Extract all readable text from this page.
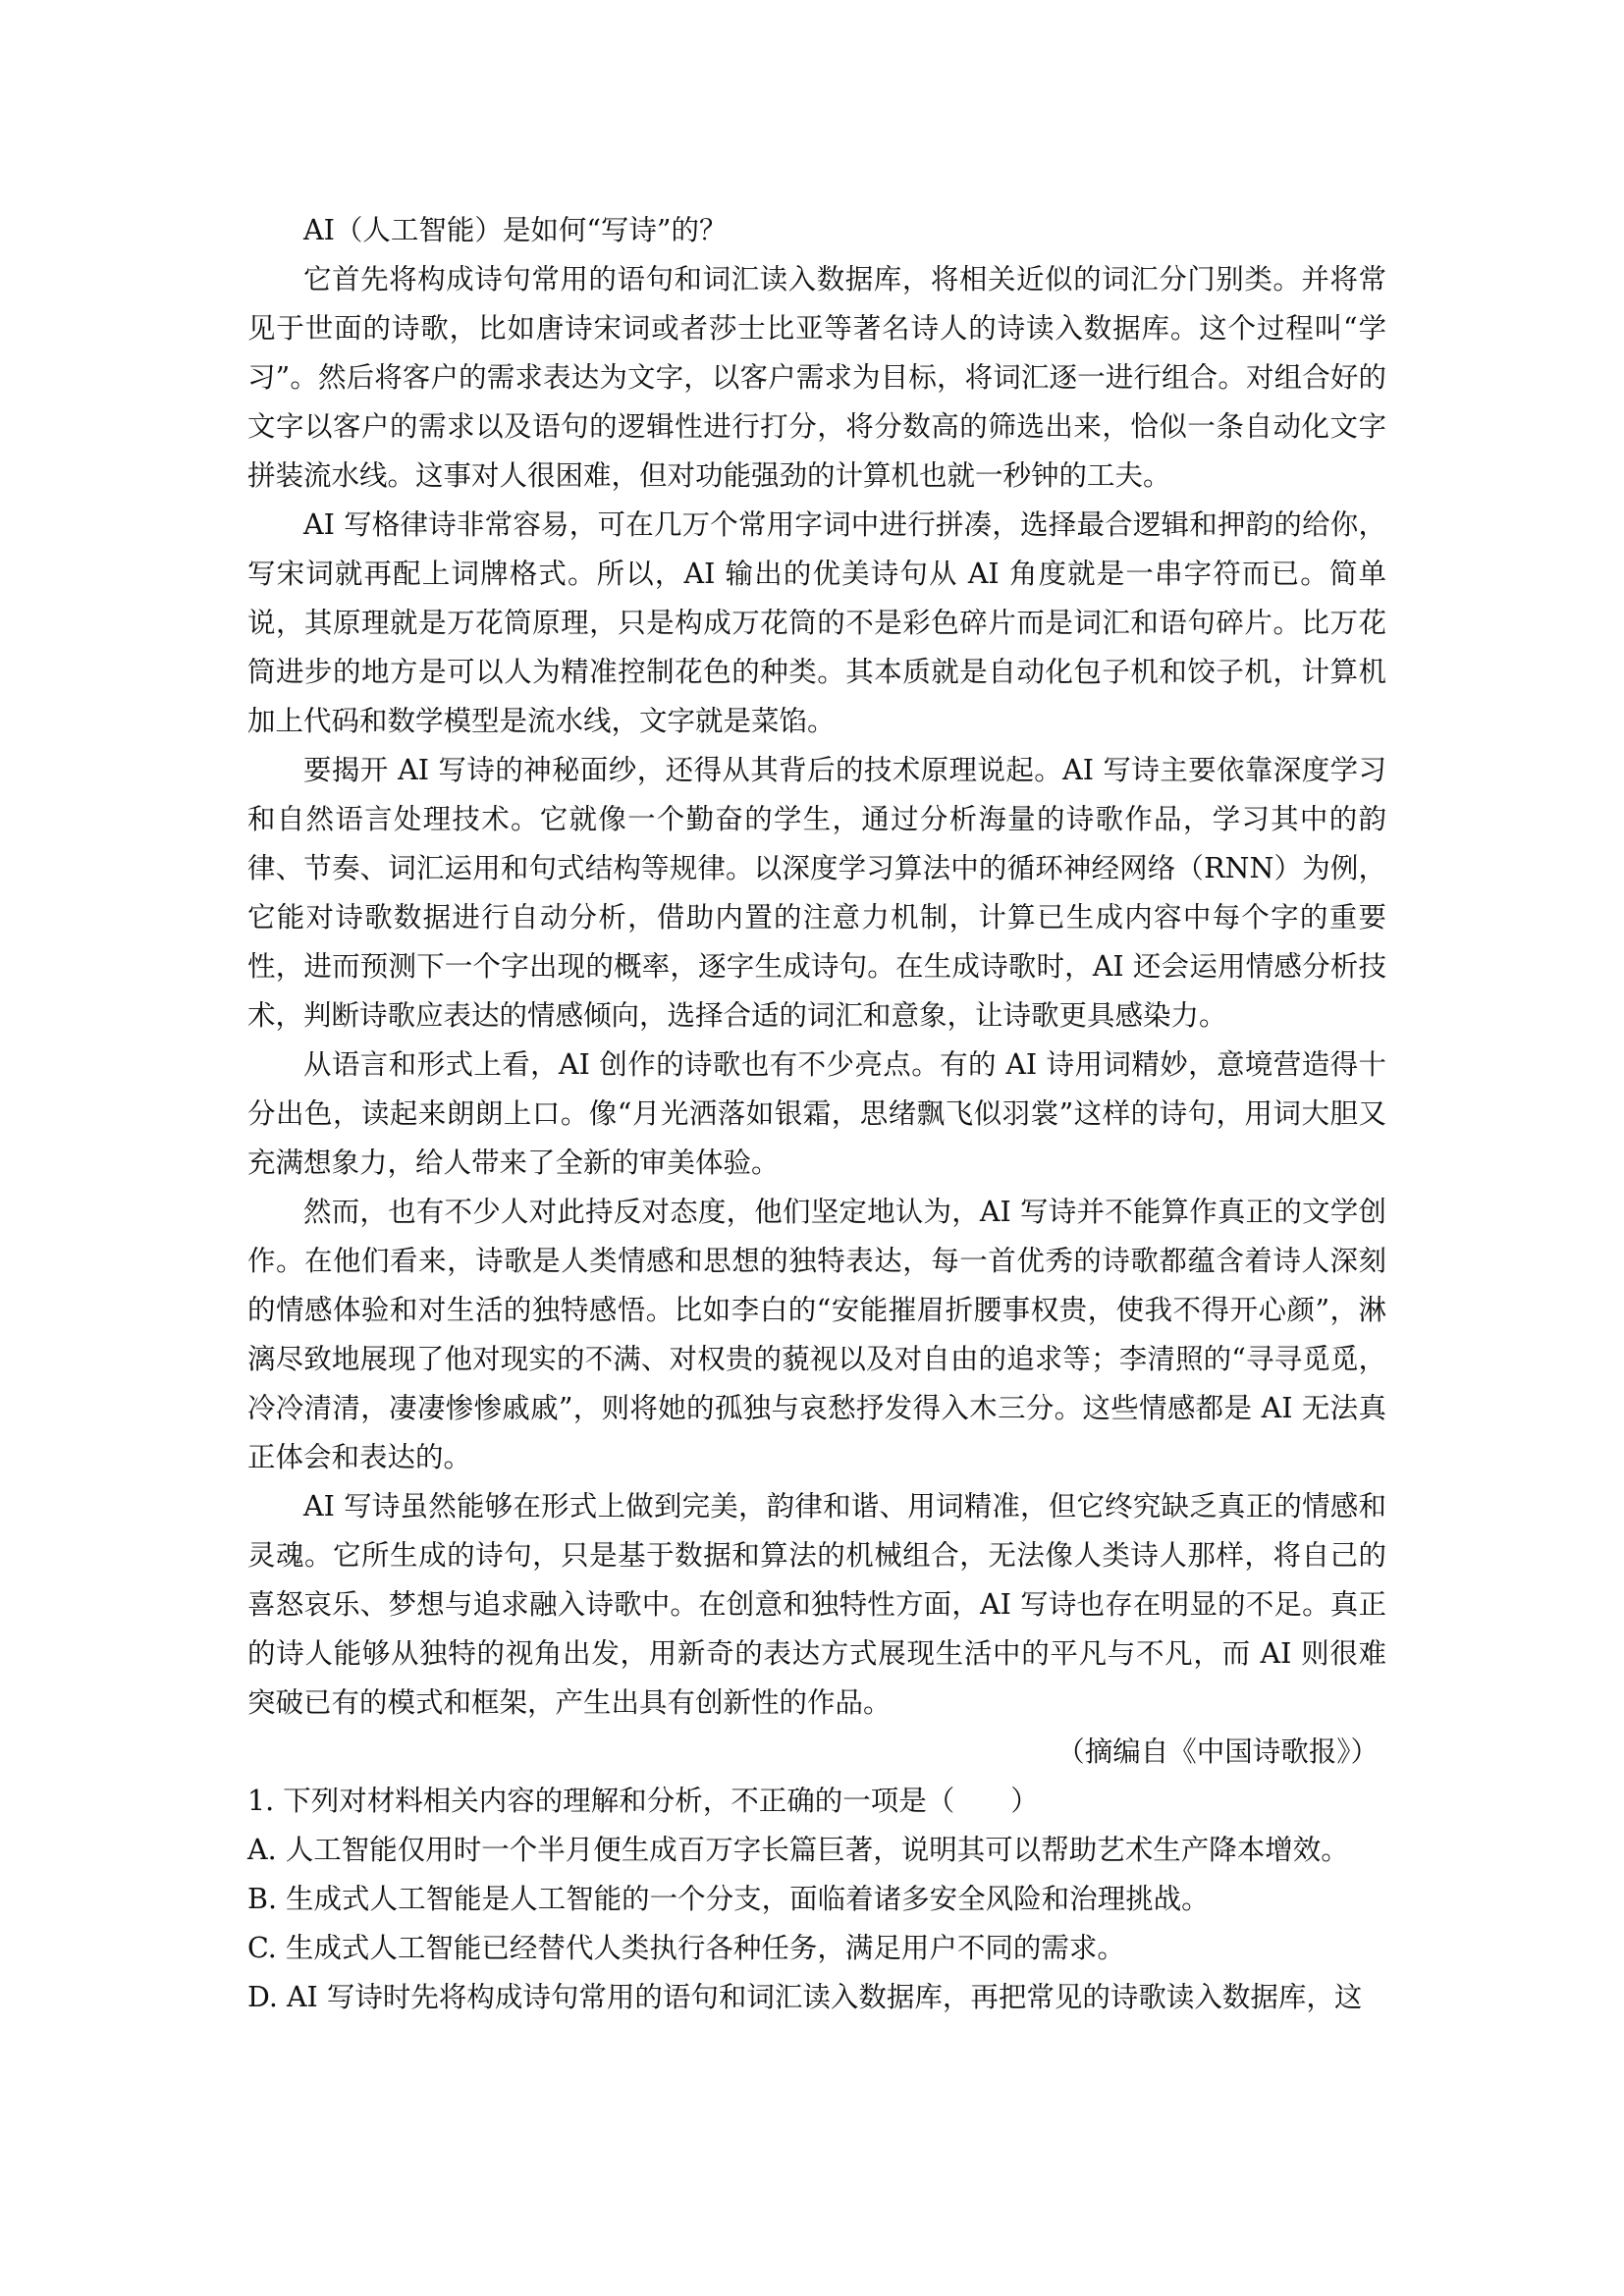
AI（人工智能）是如何“写诗”的？

它首先将构成诗句常用的语句和词汇读入数据库，将相关近似的词汇分门别类。并将常见于世面的诗歌，比如唐诗宋词或者莎士比亚等著名诗人的诗读入数据库。这个过程叫“学习”。然后将客户的需求表达为文字，以客户需求为目标，将词汇逐一进行组合。对组合好的文字以客户的需求以及语句的逻辑性进行打分，将分数高的筛选出来，恰似一条自动化文字拼装流水线。这事对人很困难，但对功能强劲的计算机也就一秒钟的工夫。

AI 写格律诗非常容易，可在几万个常用字词中进行拼凑，选择最合逻辑和押韵的给你，写宋词就再配上词牌格式。所以，AI 输出的优美诗句从 AI 角度就是一串字符而已。简单说，其原理就是万花筒原理，只是构成万花筒的不是彩色碎片而是词汇和语句碎片。比万花筒进步的地方是可以人为精准控制花色的种类。其本质就是自动化包子机和饺子机，计算机加上代码和数学模型是流水线，文字就是菜馅。

要揭开 AI 写诗的神秘面纱，还得从其背后的技术原理说起。AI 写诗主要依靠深度学习和自然语言处理技术。它就像一个勤奋的学生，通过分析海量的诗歌作品，学习其中的韵律、节奏、词汇运用和句式结构等规律。以深度学习算法中的循环神经网络（RNN）为例，它能对诗歌数据进行自动分析，借助内置的注意力机制，计算已生成内容中每个字的重要性，进而预测下一个字出现的概率，逐字生成诗句。在生成诗歌时，AI 还会运用情感分析技术，判断诗歌应表达的情感倾向，选择合适的词汇和意象，让诗歌更具感染力。

从语言和形式上看，AI 创作的诗歌也有不少亮点。有的 AI 诗用词精妙，意境营造得十分出色，读起来朗朗上口。像“月光洒落如银霜，思绪飘飞似羽裳”这样的诗句，用词大胆又充满想象力，给人带来了全新的审美体验。

然而，也有不少人对此持反对态度，他们坚定地认为，AI 写诗并不能算作真正的文学创作。在他们看来，诗歌是人类情感和思想的独特表达，每一首优秀的诗歌都蕴含着诗人深刻的情感体验和对生活的独特感悟。比如李白的“安能摧眉折腰事权贵，使我不得开心颜”，淋漓尽致地展现了他对现实的不满、对权贵的藐视以及对自由的追求等；李清照的“寻寻觅觅，冷冷清清，凄凄惨惨戚戚”，则将她的孤独与哀愁抒发得入木三分。这些情感都是 AI 无法真正体会和表达的。

AI 写诗虽然能够在形式上做到完美，韵律和谐、用词精准，但它终究缺乏真正的情感和灵魂。它所生成的诗句，只是基于数据和算法的机械组合，无法像人类诗人那样，将自己的喜怒哀乐、梦想与追求融入诗歌中。在创意和独特性方面，AI 写诗也存在明显的不足。真正的诗人能够从独特的视角出发，用新奇的表达方式展现生活中的平凡与不凡，而 AI 则很难突破已有的模式和框架，产生出具有创新性的作品。

（摘编自《中国诗歌报》）

1. 下列对材料相关内容的理解和分析，不正确的一项是（　　）

A. 人工智能仅用时一个半月便生成百万字长篇巨著，说明其可以帮助艺术生产降本增效。

B. 生成式人工智能是人工智能的一个分支，面临着诸多安全风险和治理挑战。

C. 生成式人工智能已经替代人类执行各种任务，满足用户不同的需求。

D. AI 写诗时先将构成诗句常用的语句和词汇读入数据库，再把常见的诗歌读入数据库，这
